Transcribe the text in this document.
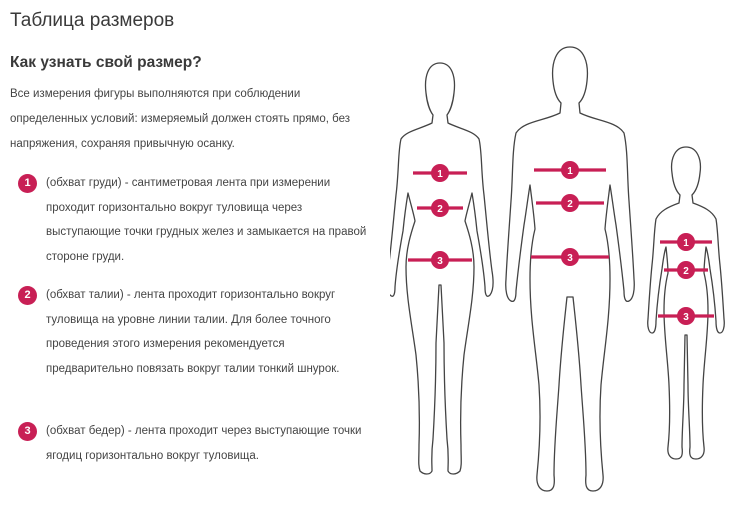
Таблица размеров
Как узнать свой размер?

Все измерения фигуры выполняются при соблюдении определенных условий: измеряемый должен стоять прямо, без напряжения, сохраняя привычную осанку.

1	(обхват груди) - сантиметровая лента при измерении проходит горизонтально вокруг туловища через выступающие точки грудных желез и замыкается на правой стороне груди.
2	(обхват талии) - лента проходит горизонтально вокруг туловища на уровне линии талии. Для более точного проведения этого измерения рекомендуется предварительно повязать вокруг талии тонкий шнурок.
3	(обхват бедер) - лента проходит через выступающие точки ягодиц горизонтально вокруг туловища.
1
2
3
1
2
3
1
2
3
